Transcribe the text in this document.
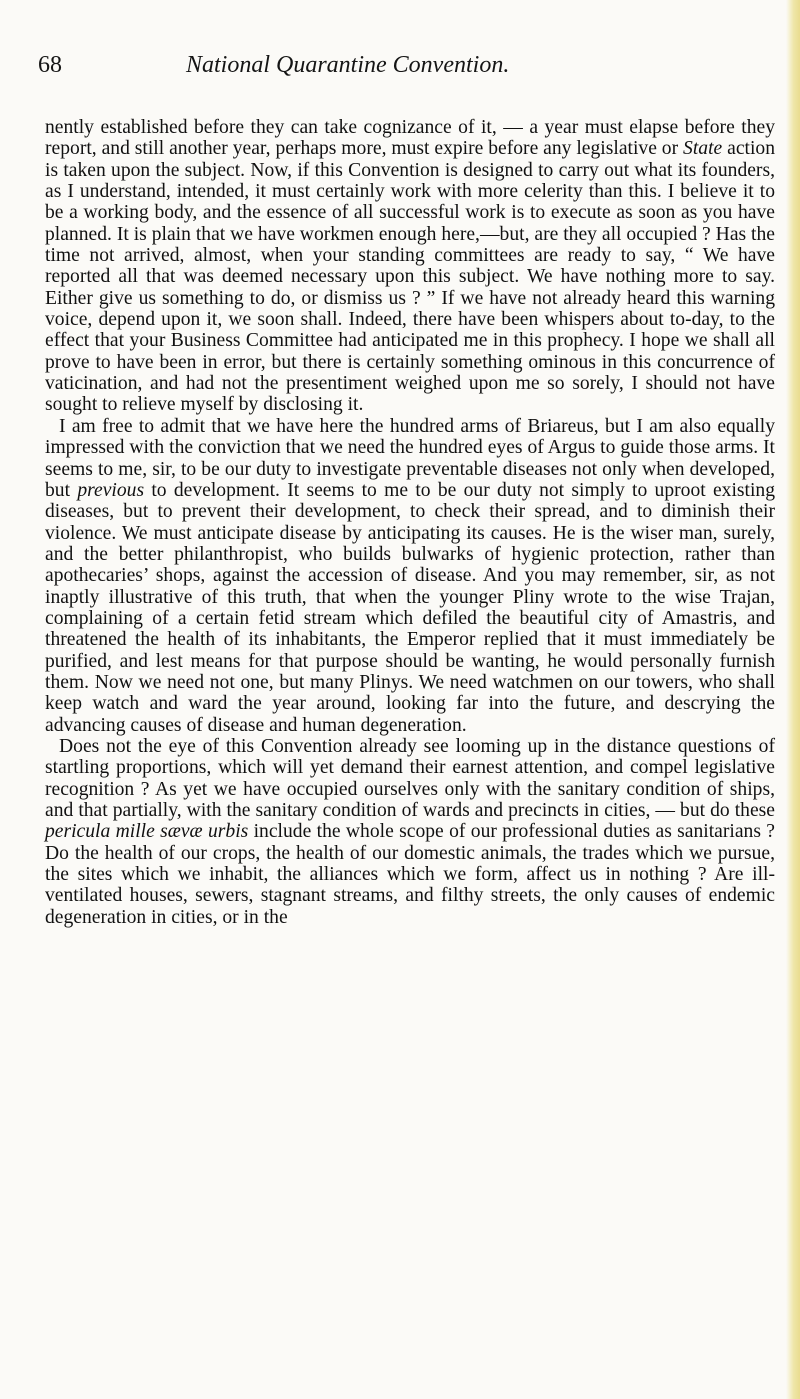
68	National Quarantine Convention.

nently established before they can take cognizance of it, — a year must elapse before they report, and still another year, perhaps more, must expire before any legislative or State action is taken upon the subject. Now, if this Convention is designed to carry out what its founders, as I understand, intended, it must certainly work with more celerity than this. I believe it to be a working body, and the essence of all successful work is to execute as soon as you have planned. It is plain that we have workmen enough here,—but, are they all occupied ? Has the time not arrived, almost, when your standing committees are ready to say, “ We have reported all that was deemed necessary upon this subject. We have nothing more to say. Either give us something to do, or dismiss us ? ” If we have not already heard this warning voice, depend upon it, we soon shall. Indeed, there have been whispers about to-day, to the effect that your Business Committee had anticipated me in this prophecy. I hope we shall all prove to have been in error, but there is certainly something ominous in this concurrence of vaticination, and had not the presentiment weighed upon me so sorely, I should not have sought to relieve myself by disclosing it.

I am free to admit that we have here the hundred arms of Briareus, but I am also equally impressed with the conviction that we need the hundred eyes of Argus to guide those arms. It seems to me, sir, to be our duty to investigate preventable diseases not only when developed, but previous to development. It seems to me to be our duty not simply to uproot existing diseases, but to prevent their development, to check their spread, and to diminish their violence. We must anticipate disease by anticipating its causes. He is the wiser man, surely, and the better philanthropist, who builds bulwarks of hygienic protection, rather than apothecaries’ shops, against the accession of disease. And you may remember, sir, as not inaptly illustrative of this truth, that when the younger Pliny wrote to the wise Trajan, complaining of a certain fetid stream which defiled the beautiful city of Amastris, and threatened the health of its inhabitants, the Emperor replied that it must immediately be purified, and lest means for that purpose should be wanting, he would personally furnish them. Now we need not one, but many Plinys. We need watchmen on our towers, who shall keep watch and ward the year around, looking far into the future, and descrying the advancing causes of disease and human degeneration.

Does not the eye of this Convention already see looming up in the distance questions of startling proportions, which will yet demand their earnest attention, and compel legislative recognition ? As yet we have occupied ourselves only with the sanitary condition of ships, and that partially, with the sanitary condition of wards and precincts in cities, — but do these pericula mille sævæ urbis include the whole scope of our professional duties as sanitarians ? Do the health of our crops, the health of our domestic animals, the trades which we pursue, the sites which we inhabit, the alliances which we form, affect us in nothing ? Are ill-ventilated houses, sewers, stagnant streams, and filthy streets, the only causes of endemic degeneration in cities, or in the
